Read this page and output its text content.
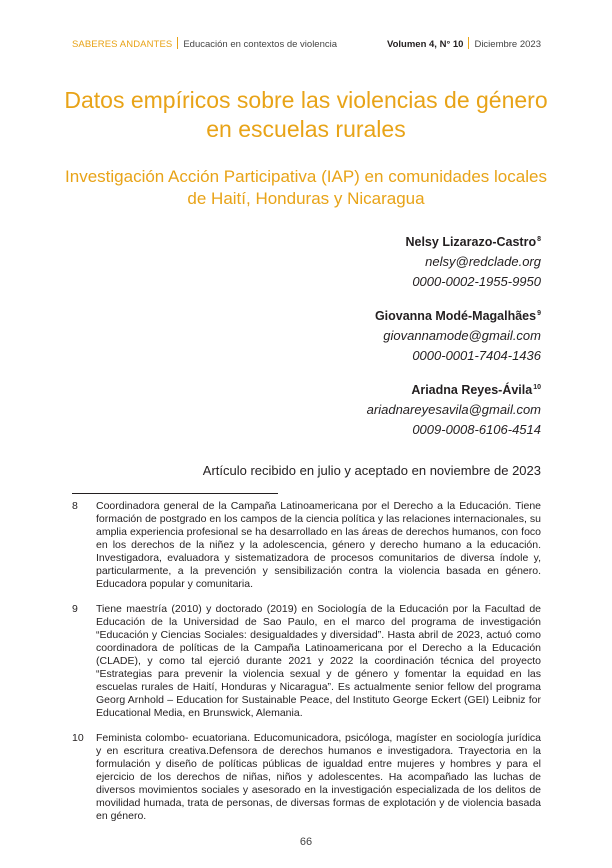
SABERES ANDANTES Educación en contextos de violencia	Volumen 4, N° 10 Diciembre 2023
Datos empíricos sobre las violencias de género en escuelas rurales
Investigación Acción Participativa (IAP) en comunidades locales de Haití, Honduras y Nicaragua
Nelsy Lizarazo-Castro$^8$
nelsy@redclade.org
0000-0002-1955-9950
Giovanna Modé-Magalhães$^9$
giovannamode@gmail.com
0000-0001-7404-1436
Ariadna Reyes-Ávila$^{10}$
ariadnareyesavila@gmail.com
0009-0008-6106-4514
Artículo recibido en julio y aceptado en noviembre de 2023
8 Coordinadora general de la Campaña Latinoamericana por el Derecho a la Educación. Tiene formación de postgrado en los campos de la ciencia política y las relaciones internacionales, su amplia experiencia profesional se ha desarrollado en las áreas de derechos humanos, con foco en los derechos de la niñez y la adolescencia, género y derecho humano a la educación. Investigadora, evaluadora y sistematizadora de procesos comunitarios de diversa índole y, particularmente, a la prevención y sensibilización contra la violencia basada en género. Educadora popular y comunitaria.
9 Tiene maestría (2010) y doctorado (2019) en Sociología de la Educación por la Facultad de Educación de la Universidad de Sao Paulo, en el marco del programa de investigación “Educación y Ciencias Sociales: desigualdades y diversidad”. Hasta abril de 2023, actuó como coordinadora de políticas de la Campaña Latinoamericana por el Derecho a la Educación (CLADE), y como tal ejerció durante 2021 y 2022 la coordinación técnica del proyecto “Estrategias para prevenir la violencia sexual y de género y fomentar la equidad en las escuelas rurales de Haití, Honduras y Nicaragua”. Es actualmente senior fellow del programa Georg Arnhold – Education for Sustainable Peace, del Instituto George Eckert (GEI) Leibniz for Educational Media, en Brunswick, Alemania.
10 Feminista colombo- ecuatoriana. Educomunicadora, psicóloga, magíster en sociología jurídica y en escritura creativa.Defensora de derechos humanos e investigadora. Trayectoria en la formulación y diseño de políticas públicas de igualdad entre mujeres y hombres y para el ejercicio de los derechos de niñas, niños y adolescentes. Ha acompañado las luchas de diversos movimientos sociales y asesorado en la investigación especializada de los delitos de movilidad humada, trata de personas, de diversas formas de explotación y de violencia basada en género.
66
